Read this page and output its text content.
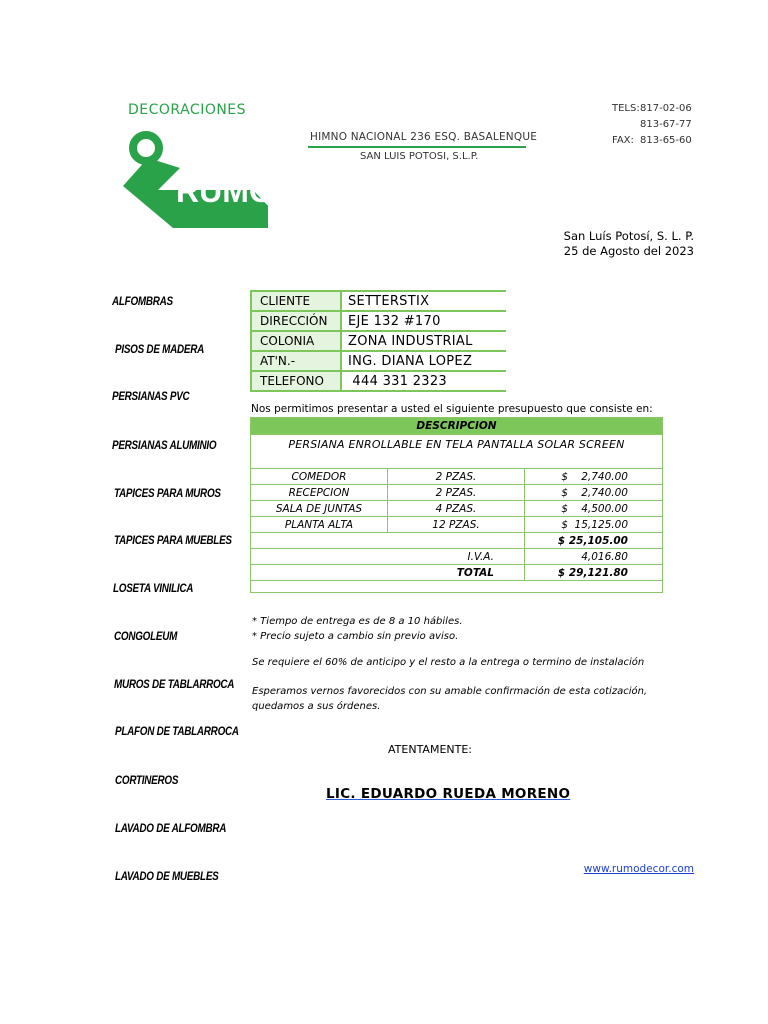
DECORACIONES
RUMO
HIMNO NACIONAL 236 ESQ. BASALENQUE
SAN LUIS POTOSI, S.L.P.
TELS: 817-02-06
813-67-77
FAX: 813-65-60
San Luís Potosí, S. L. P.
25 de Agosto del 2023
ALFOMBRAS
PISOS DE MADERA
PERSIANAS PVC
PERSIANAS ALUMINIO
TAPICES PARA MUROS
TAPICES PARA MUEBLES
LOSETA VINILICA
CONGOLEUM
MUROS DE TABLARROCA
PLAFON DE TABLARROCA
CORTINEROS
LAVADO DE ALFOMBRA
LAVADO DE MUEBLES
CLIENTE	SETTERSTIX
DIRECCIÓN	EJE 132 #170
COLONIA	ZONA INDUSTRIAL
AT'N.-	ING. DIANA LOPEZ
TELEFONO	444 331 2323
Nos permitimos presentar a usted el siguiente presupuesto que consiste en:
DESCRIPCION		
PERSIANA ENROLLABLE EN TELA PANTALLA SOLAR SCREEN		
COMEDOR	2 PZAS.	$    2,740.00
RECEPCION	2 PZAS.	$    2,740.00
SALA DE JUNTAS	4 PZAS.	$    4,500.00
PLANTA ALTA	12 PZAS.	$  15,125.00
		$ 25,105.00
I.V.A.		4,016.80
TOTAL		$ 29,121.80

* Tiempo de entrega es de 8 a 10 hábiles.
* Precio sujeto a cambio sin previo aviso.
Se requiere el 60% de anticipo y el resto a la entrega o termino de instalación
Esperamos vernos favorecidos con su amable confirmación de esta cotización, quedamos a sus órdenes.
ATENTAMENTE:
LIC. EDUARDO RUEDA MORENO
www.rumodecor.com
